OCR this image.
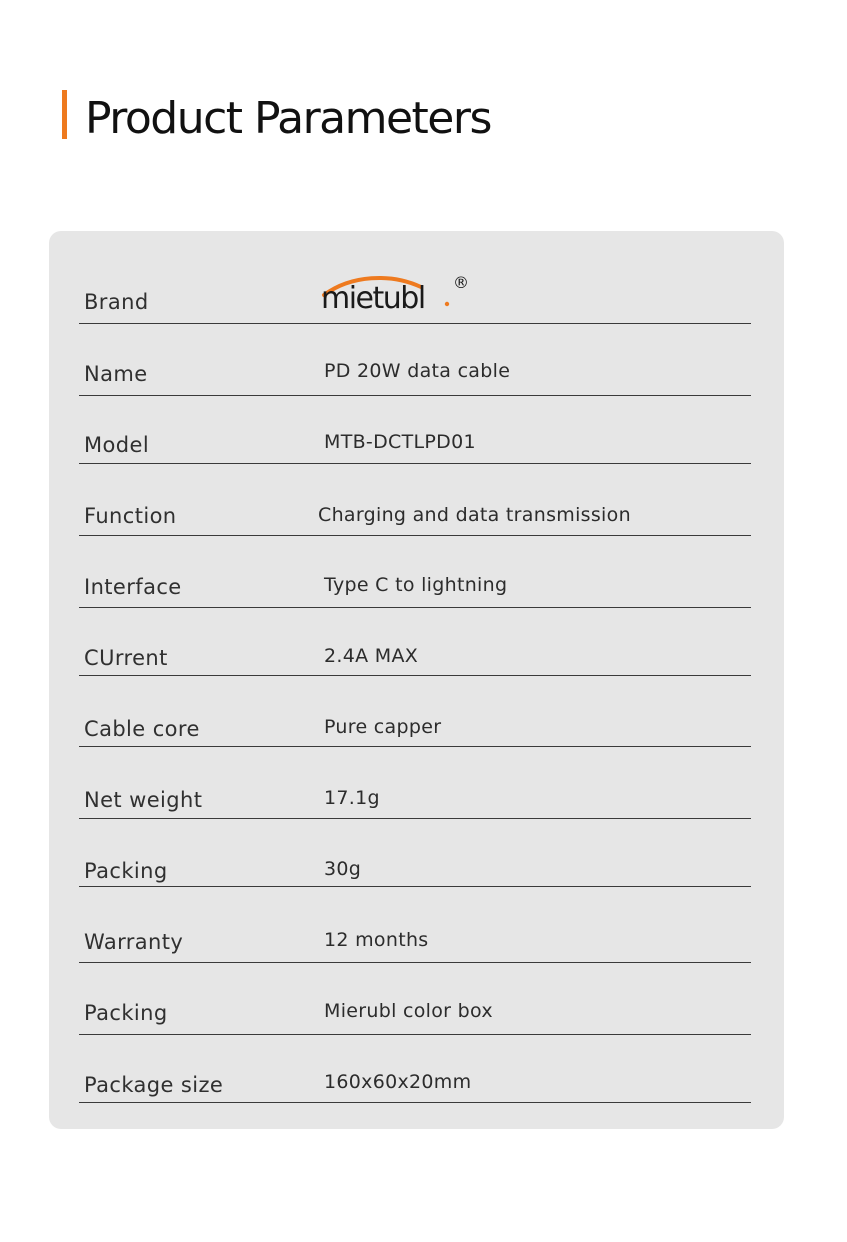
Product Parameters
Brand	mietubl ®
Name	PD 20W data cable
Model	MTB-DCTLPD01
Function	Charging and data transmission
Interface	Type C to lightning
CUrrent	2.4A MAX
Cable core	Pure capper
Net weight	17.1g
Packing	30g
Warranty	12 months
Packing	Mierubl color box
Package size	160x60x20mm
